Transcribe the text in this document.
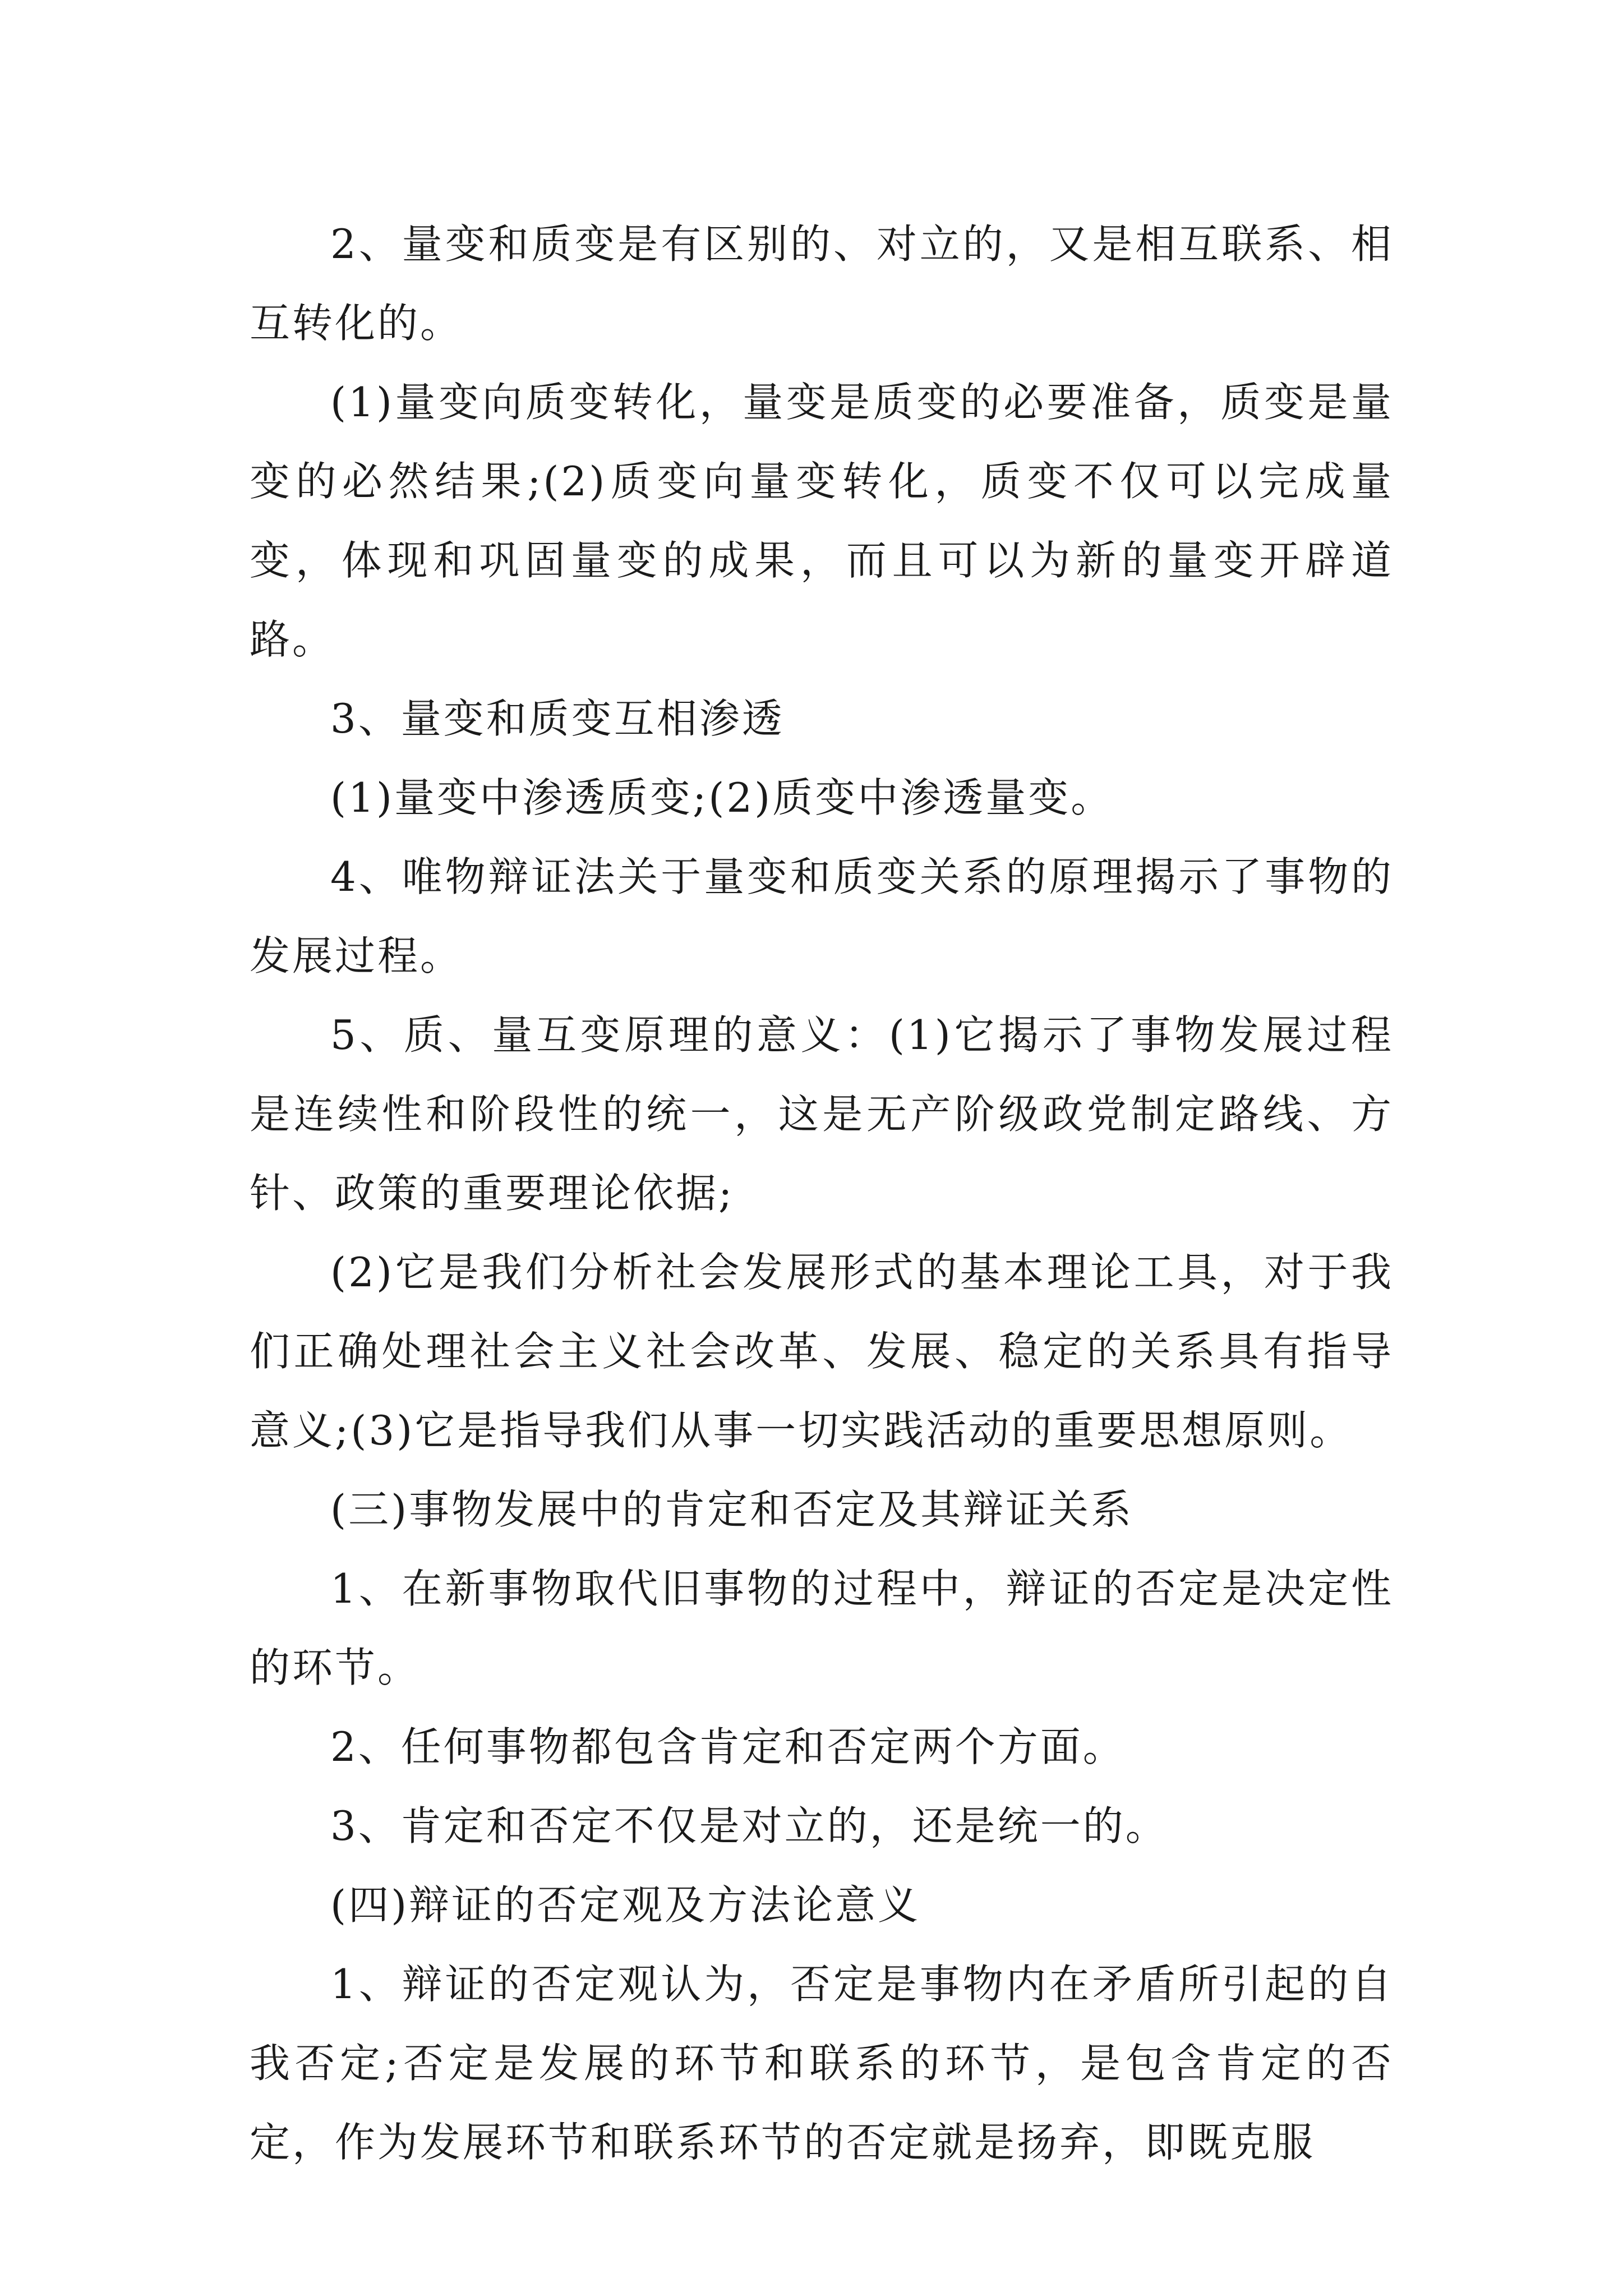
2、量变和质变是有区别的、对立的，又是相互联系、相互转化的。

(1)量变向质变转化，量变是质变的必要准备，质变是量变的必然结果;(2)质变向量变转化，质变不仅可以完成量变，体现和巩固量变的成果，而且可以为新的量变开辟道路。

3、量变和质变互相渗透

(1)量变中渗透质变;(2)质变中渗透量变。

4、唯物辩证法关于量变和质变关系的原理揭示了事物的发展过程。

5、质、量互变原理的意义：(1)它揭示了事物发展过程是连续性和阶段性的统一，这是无产阶级政党制定路线、方针、政策的重要理论依据;

(2)它是我们分析社会发展形式的基本理论工具，对于我们正确处理社会主义社会改革、发展、稳定的关系具有指导意义;(3)它是指导我们从事一切实践活动的重要思想原则。

(三)事物发展中的肯定和否定及其辩证关系

1、在新事物取代旧事物的过程中，辩证的否定是决定性的环节。

2、任何事物都包含肯定和否定两个方面。

3、肯定和否定不仅是对立的，还是统一的。

(四)辩证的否定观及方法论意义

1、辩证的否定观认为，否定是事物内在矛盾所引起的自我否定;否定是发展的环节和联系的环节，是包含肯定的否定，作为发展环节和联系环节的否定就是扬弃，即既克服
